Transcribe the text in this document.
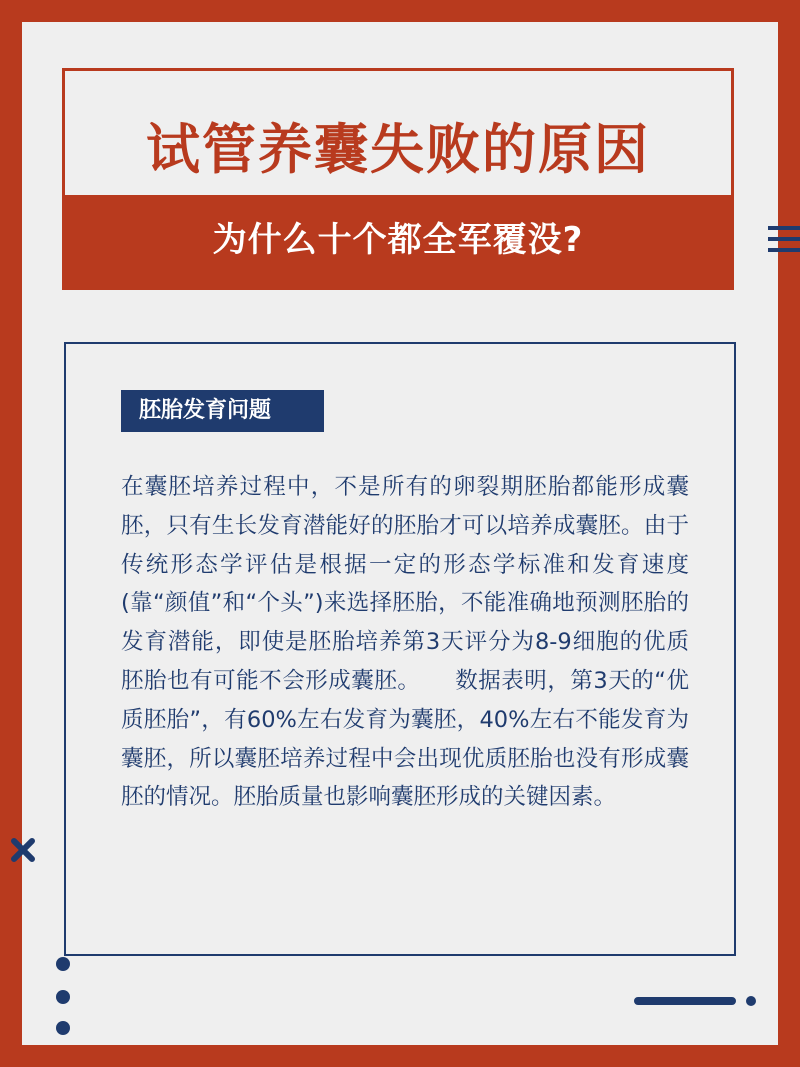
试管养囊失败的原因
为什么十个都全军覆没?
胚胎发育问题

在囊胚培养过程中，不是所有的卵裂期胚胎都能形成囊胚，只有生长发育潜能好的胚胎才可以培养成囊胚。由于传统形态学评估是根据一定的形态学标准和发育速度(靠“颜值”和“个头”)来选择胚胎，不能准确地预测胚胎的发育潜能，即使是胚胎培养第3天评分为8-9细胞的优质胚胎也有可能不会形成囊胚。　　数据表明，第3天的“优质胚胎”，有60%左右发育为囊胚，40%左右不能发育为囊胚，所以囊胚培养过程中会出现优质胚胎也没有形成囊胚的情况。胚胎质量也影响囊胚形成的关键因素。
